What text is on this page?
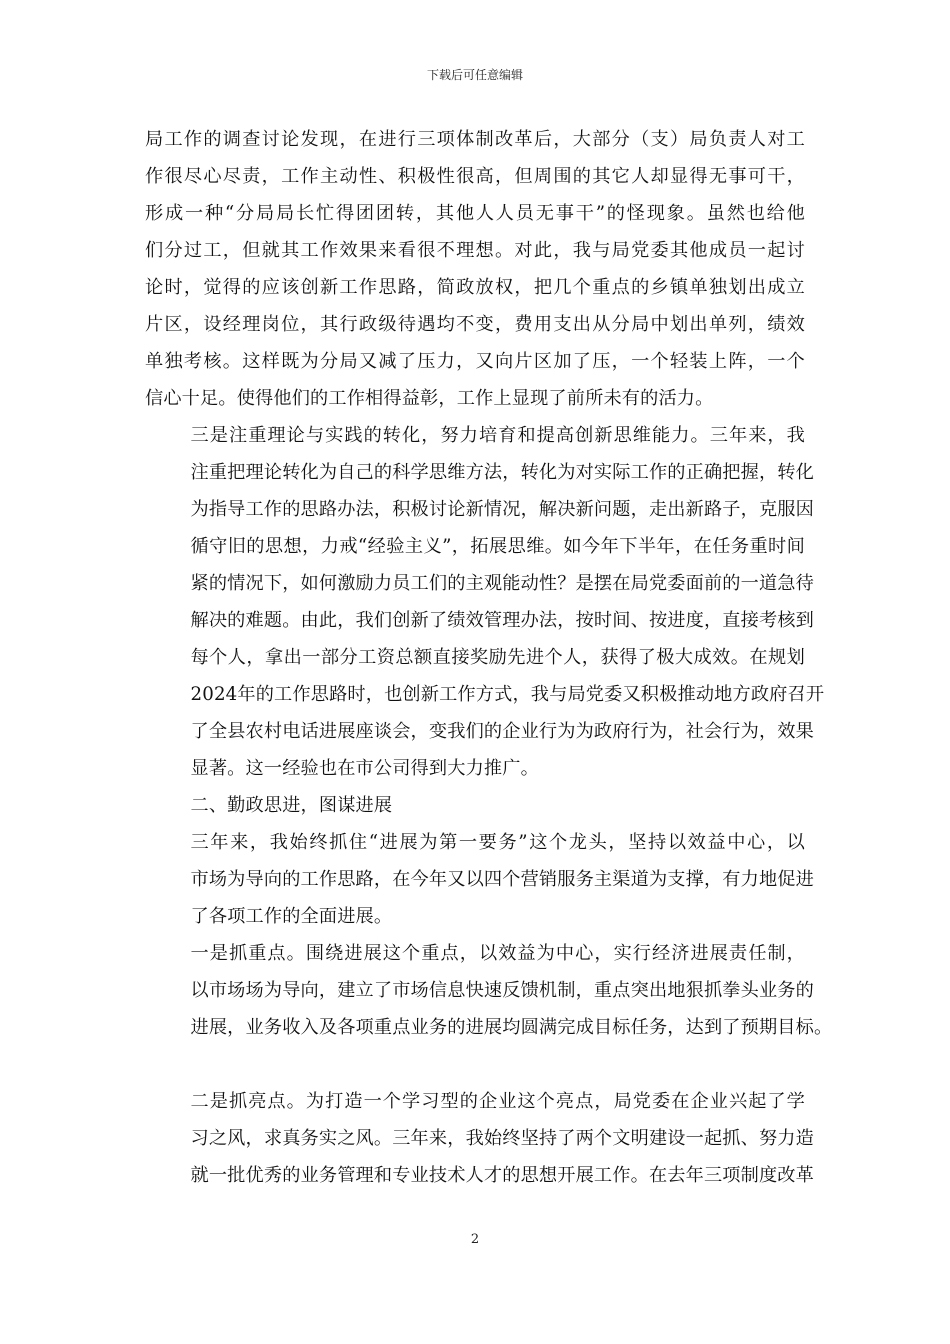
下载后可任意编辑

局工作的调查讨论发现，在进行三项体制改革后，大部分（支）局负责人对工
作很尽心尽责，工作主动性、积极性很高，但周围的其它人却显得无事可干，
形成一种“分局局长忙得团团转，其他人人员无事干”的怪现象。虽然也给他
们分过工，但就其工作效果来看很不理想。对此，我与局党委其他成员一起讨
论时，觉得的应该创新工作思路，简政放权，把几个重点的乡镇单独划出成立
片区，设经理岗位，其行政级待遇均不变，费用支出从分局中划出单列，绩效
单独考核。这样既为分局又减了压力，又向片区加了压，一个轻装上阵，一个
信心十足。使得他们的工作相得益彰，工作上显现了前所未有的活力。

三是注重理论与实践的转化，努力培育和提高创新思维能力。三年来，我
注重把理论转化为自己的科学思维方法，转化为对实际工作的正确把握，转化
为指导工作的思路办法，积极讨论新情况，解决新问题，走出新路子，克服因
循守旧的思想，力戒“经验主义”，拓展思维。如今年下半年，在任务重时间
紧的情况下，如何激励力员工们的主观能动性？是摆在局党委面前的一道急待
解决的难题。由此，我们创新了绩效管理办法，按时间、按进度，直接考核到
每个人，拿出一部分工资总额直接奖励先进个人，获得了极大成效。在规划
2024年的工作思路时，也创新工作方式，我与局党委又积极推动地方政府召开
了全县农村电话进展座谈会，变我们的企业行为为政府行为，社会行为，效果
显著。这一经验也在市公司得到大力推广。

二、勤政思进，图谋进展

三年来，我始终抓住“进展为第一要务”这个龙头，坚持以效益中心，以
市场为导向的工作思路，在今年又以四个营销服务主渠道为支撑，有力地促进
了各项工作的全面进展。

一是抓重点。围绕进展这个重点，以效益为中心，实行经济进展责任制，
以市场场为导向，建立了市场信息快速反馈机制，重点突出地狠抓拳头业务的
进展，业务收入及各项重点业务的进展均圆满完成目标任务，达到了预期目标。

二是抓亮点。为打造一个学习型的企业这个亮点，局党委在企业兴起了学
习之风，求真务实之风。三年来，我始终坚持了两个文明建设一起抓、努力造
就一批优秀的业务管理和专业技术人才的思想开展工作。在去年三项制度改革

2
